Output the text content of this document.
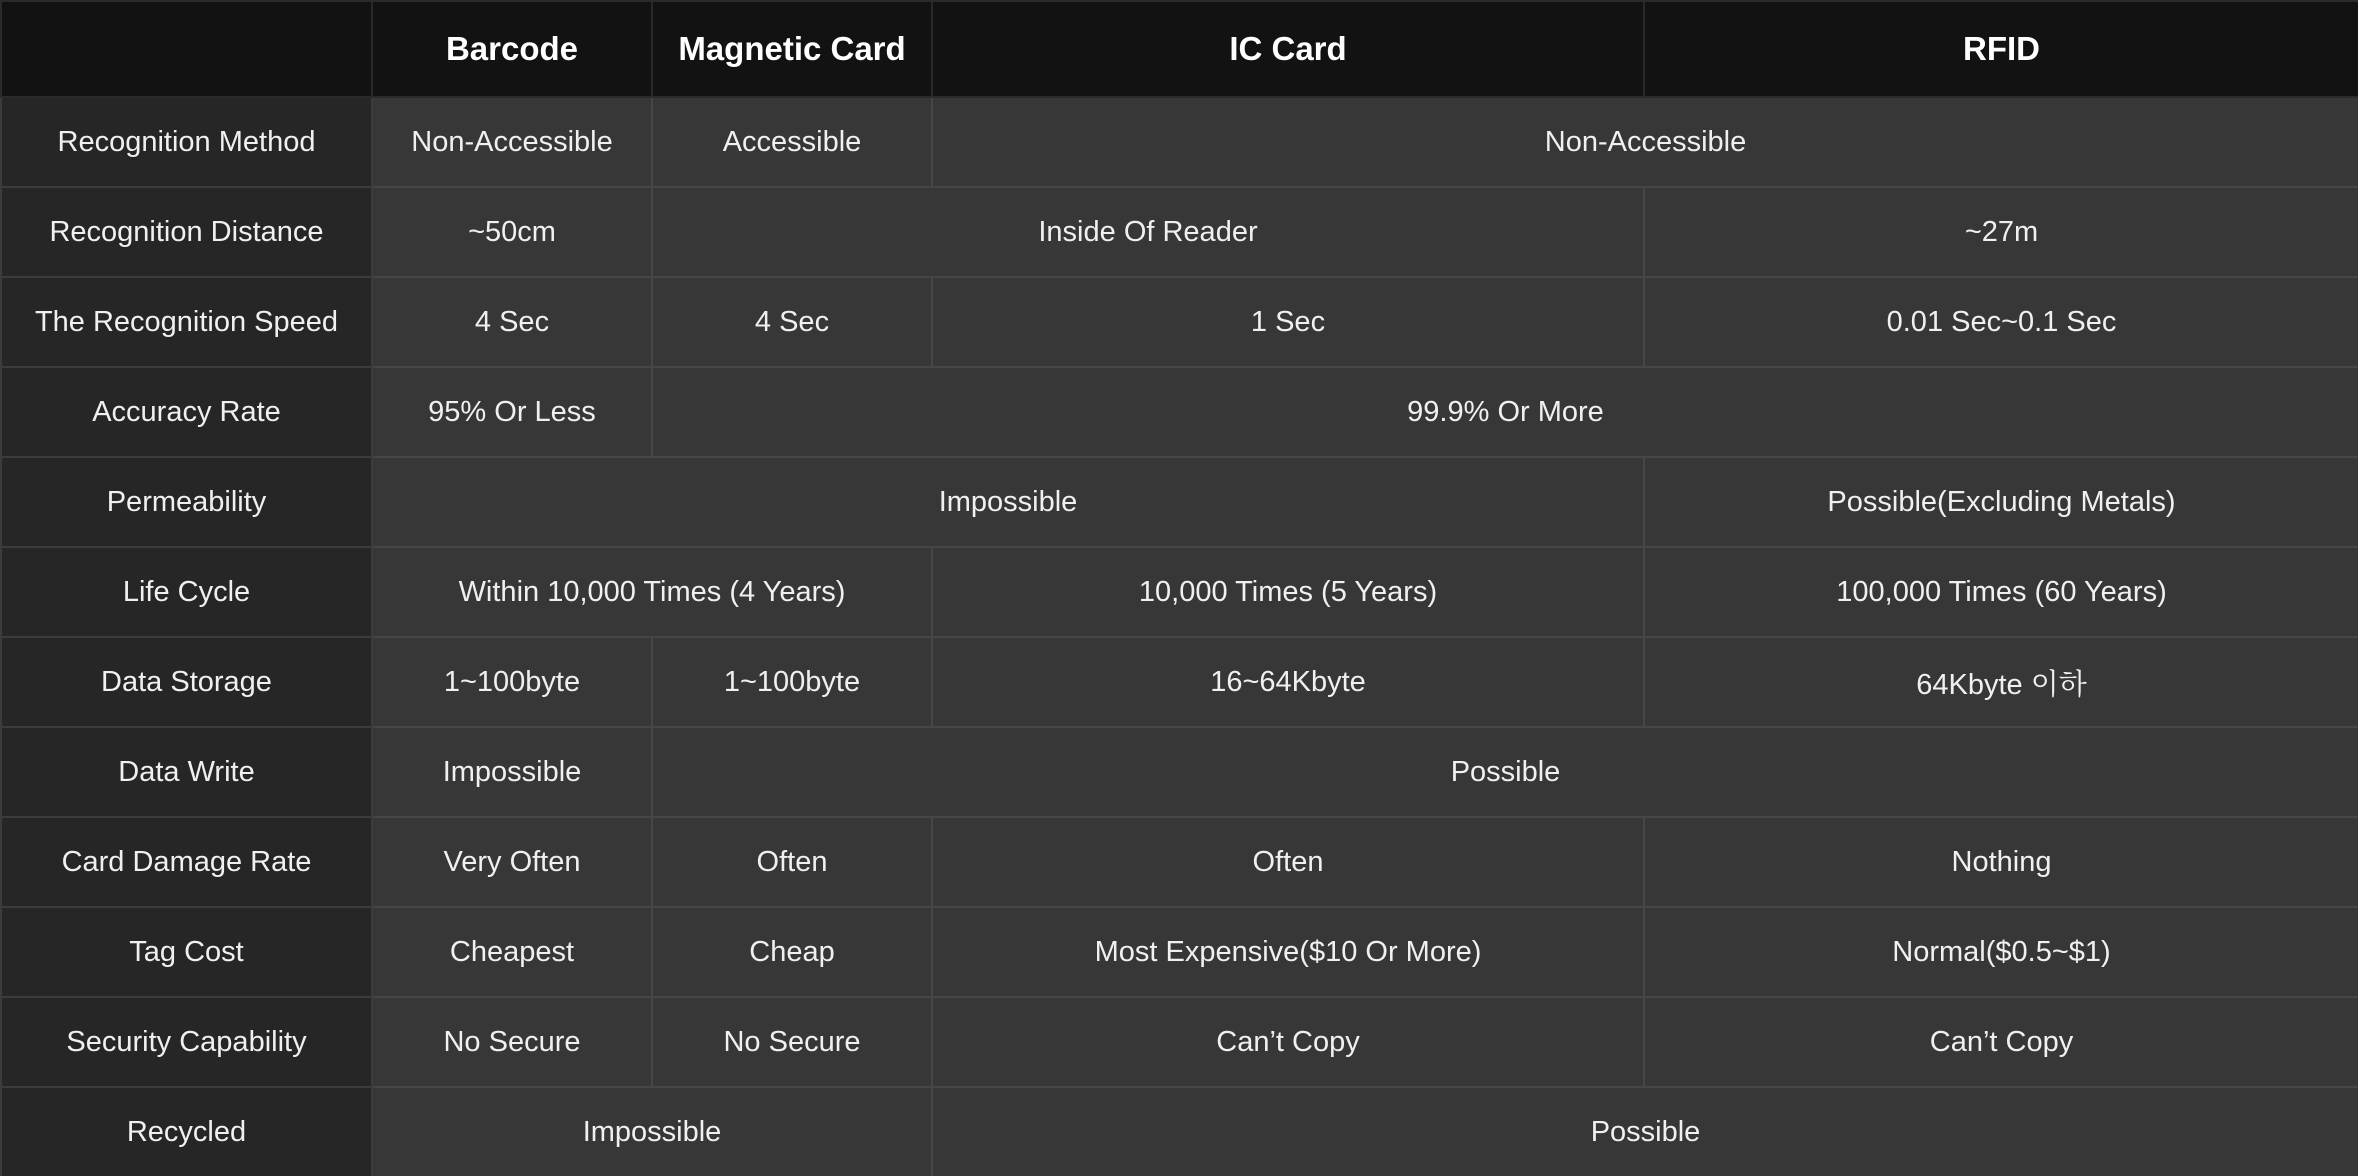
	Barcode	Magnetic Card	IC Card	RFID
Recognition Method	Non-Accessible	Accessible	Non-Accessible	
Recognition Distance	~50cm	Inside Of Reader		~27m
The Recognition Speed	4 Sec	4 Sec	1 Sec	0.01 Sec~0.1 Sec
Accuracy Rate	95% Or Less	99.9% Or More		
Permeability	Impossible			Possible(Excluding Metals)
Life Cycle	Within 10,000 Times (4 Years)		10,000 Times (5 Years)	100,000 Times (60 Years)
Data Storage	1~100byte	1~100byte	16~64Kbyte	64Kbyte 이하
Data Write	Impossible	Possible		
Card Damage Rate	Very Often	Often	Often	Nothing
Tag Cost	Cheapest	Cheap	Most Expensive($10 Or More)	Normal($0.5~$1)
Security Capability	No Secure	No Secure	Can’t Copy	Can’t Copy
Recycled	Impossible		Possible	
